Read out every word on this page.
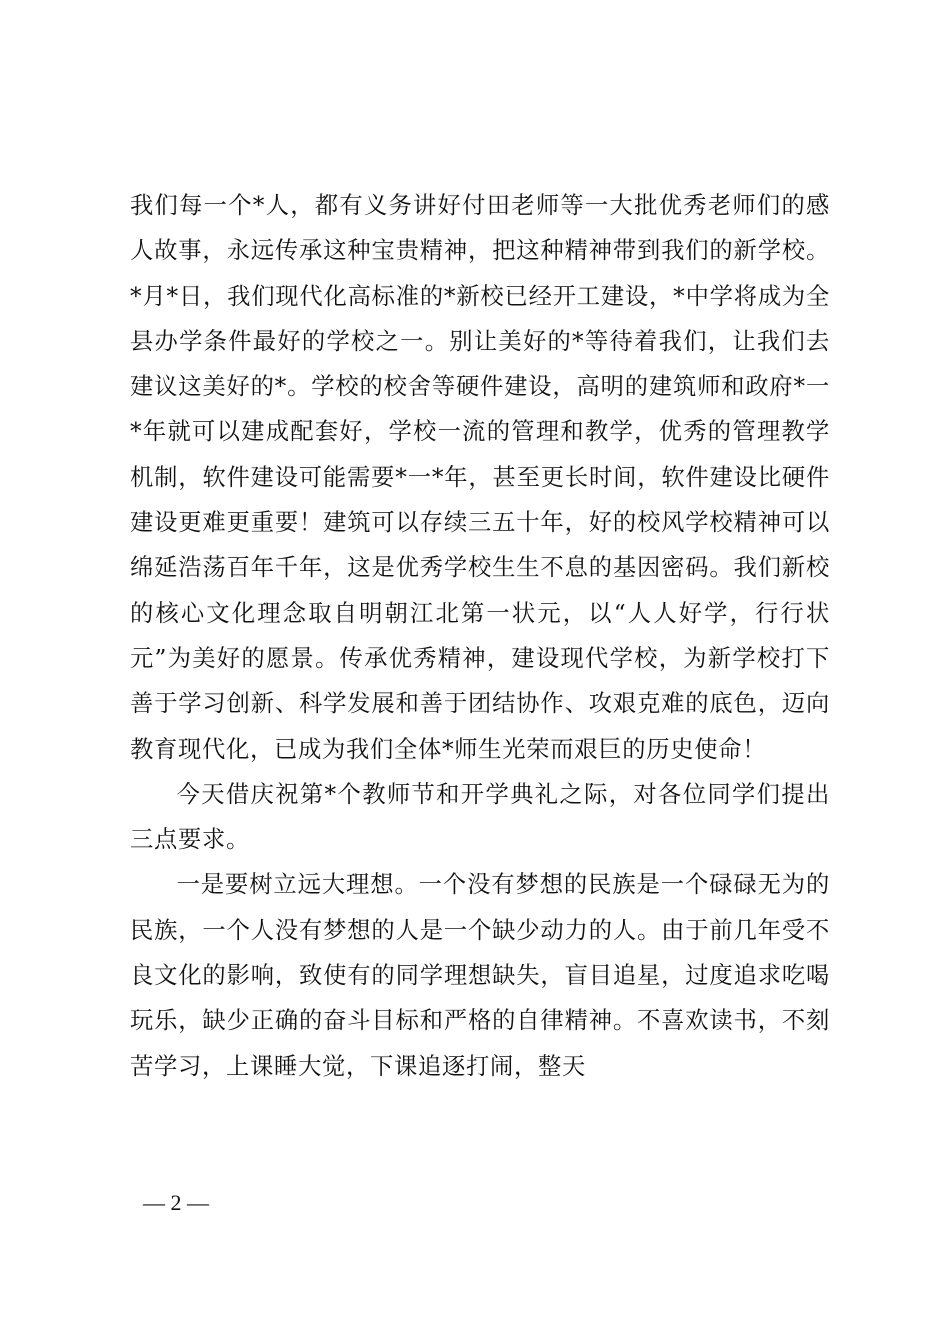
我们每一个*人，都有义务讲好付田老师等一大批优秀老师们的感人故事，永远传承这种宝贵精神，把这种精神带到我们的新学校。*月*日，我们现代化高标准的*新校已经开工建设，*中学将成为全县办学条件最好的学校之一。别让美好的*等待着我们，让我们去建议这美好的*。学校的校舍等硬件建设，高明的建筑师和政府*一*年就可以建成配套好，学校一流的管理和教学，优秀的管理教学机制，软件建设可能需要*一*年，甚至更长时间，软件建设比硬件建设更难更重要！建筑可以存续三五十年，好的校风学校精神可以绵延浩荡百年千年，这是优秀学校生生不息的基因密码。我们新校的核心文化理念取自明朝江北第一状元，以“人人好学，行行状元”为美好的愿景。传承优秀精神，建设现代学校，为新学校打下善于学习创新、科学发展和善于团结协作、攻艰克难的底色，迈向教育现代化，已成为我们全体*师生光荣而艰巨的历史使命！

今天借庆祝第*个教师节和开学典礼之际，对各位同学们提出三点要求。

一是要树立远大理想。一个没有梦想的民族是一个碌碌无为的民族，一个人没有梦想的人是一个缺少动力的人。由于前几年受不良文化的影响，致使有的同学理想缺失，盲目追星，过度追求吃喝玩乐，缺少正确的奋斗目标和严格的自律精神。不喜欢读书，不刻苦学习，上课睡大觉，下课追逐打闹，整天

— 2 —
